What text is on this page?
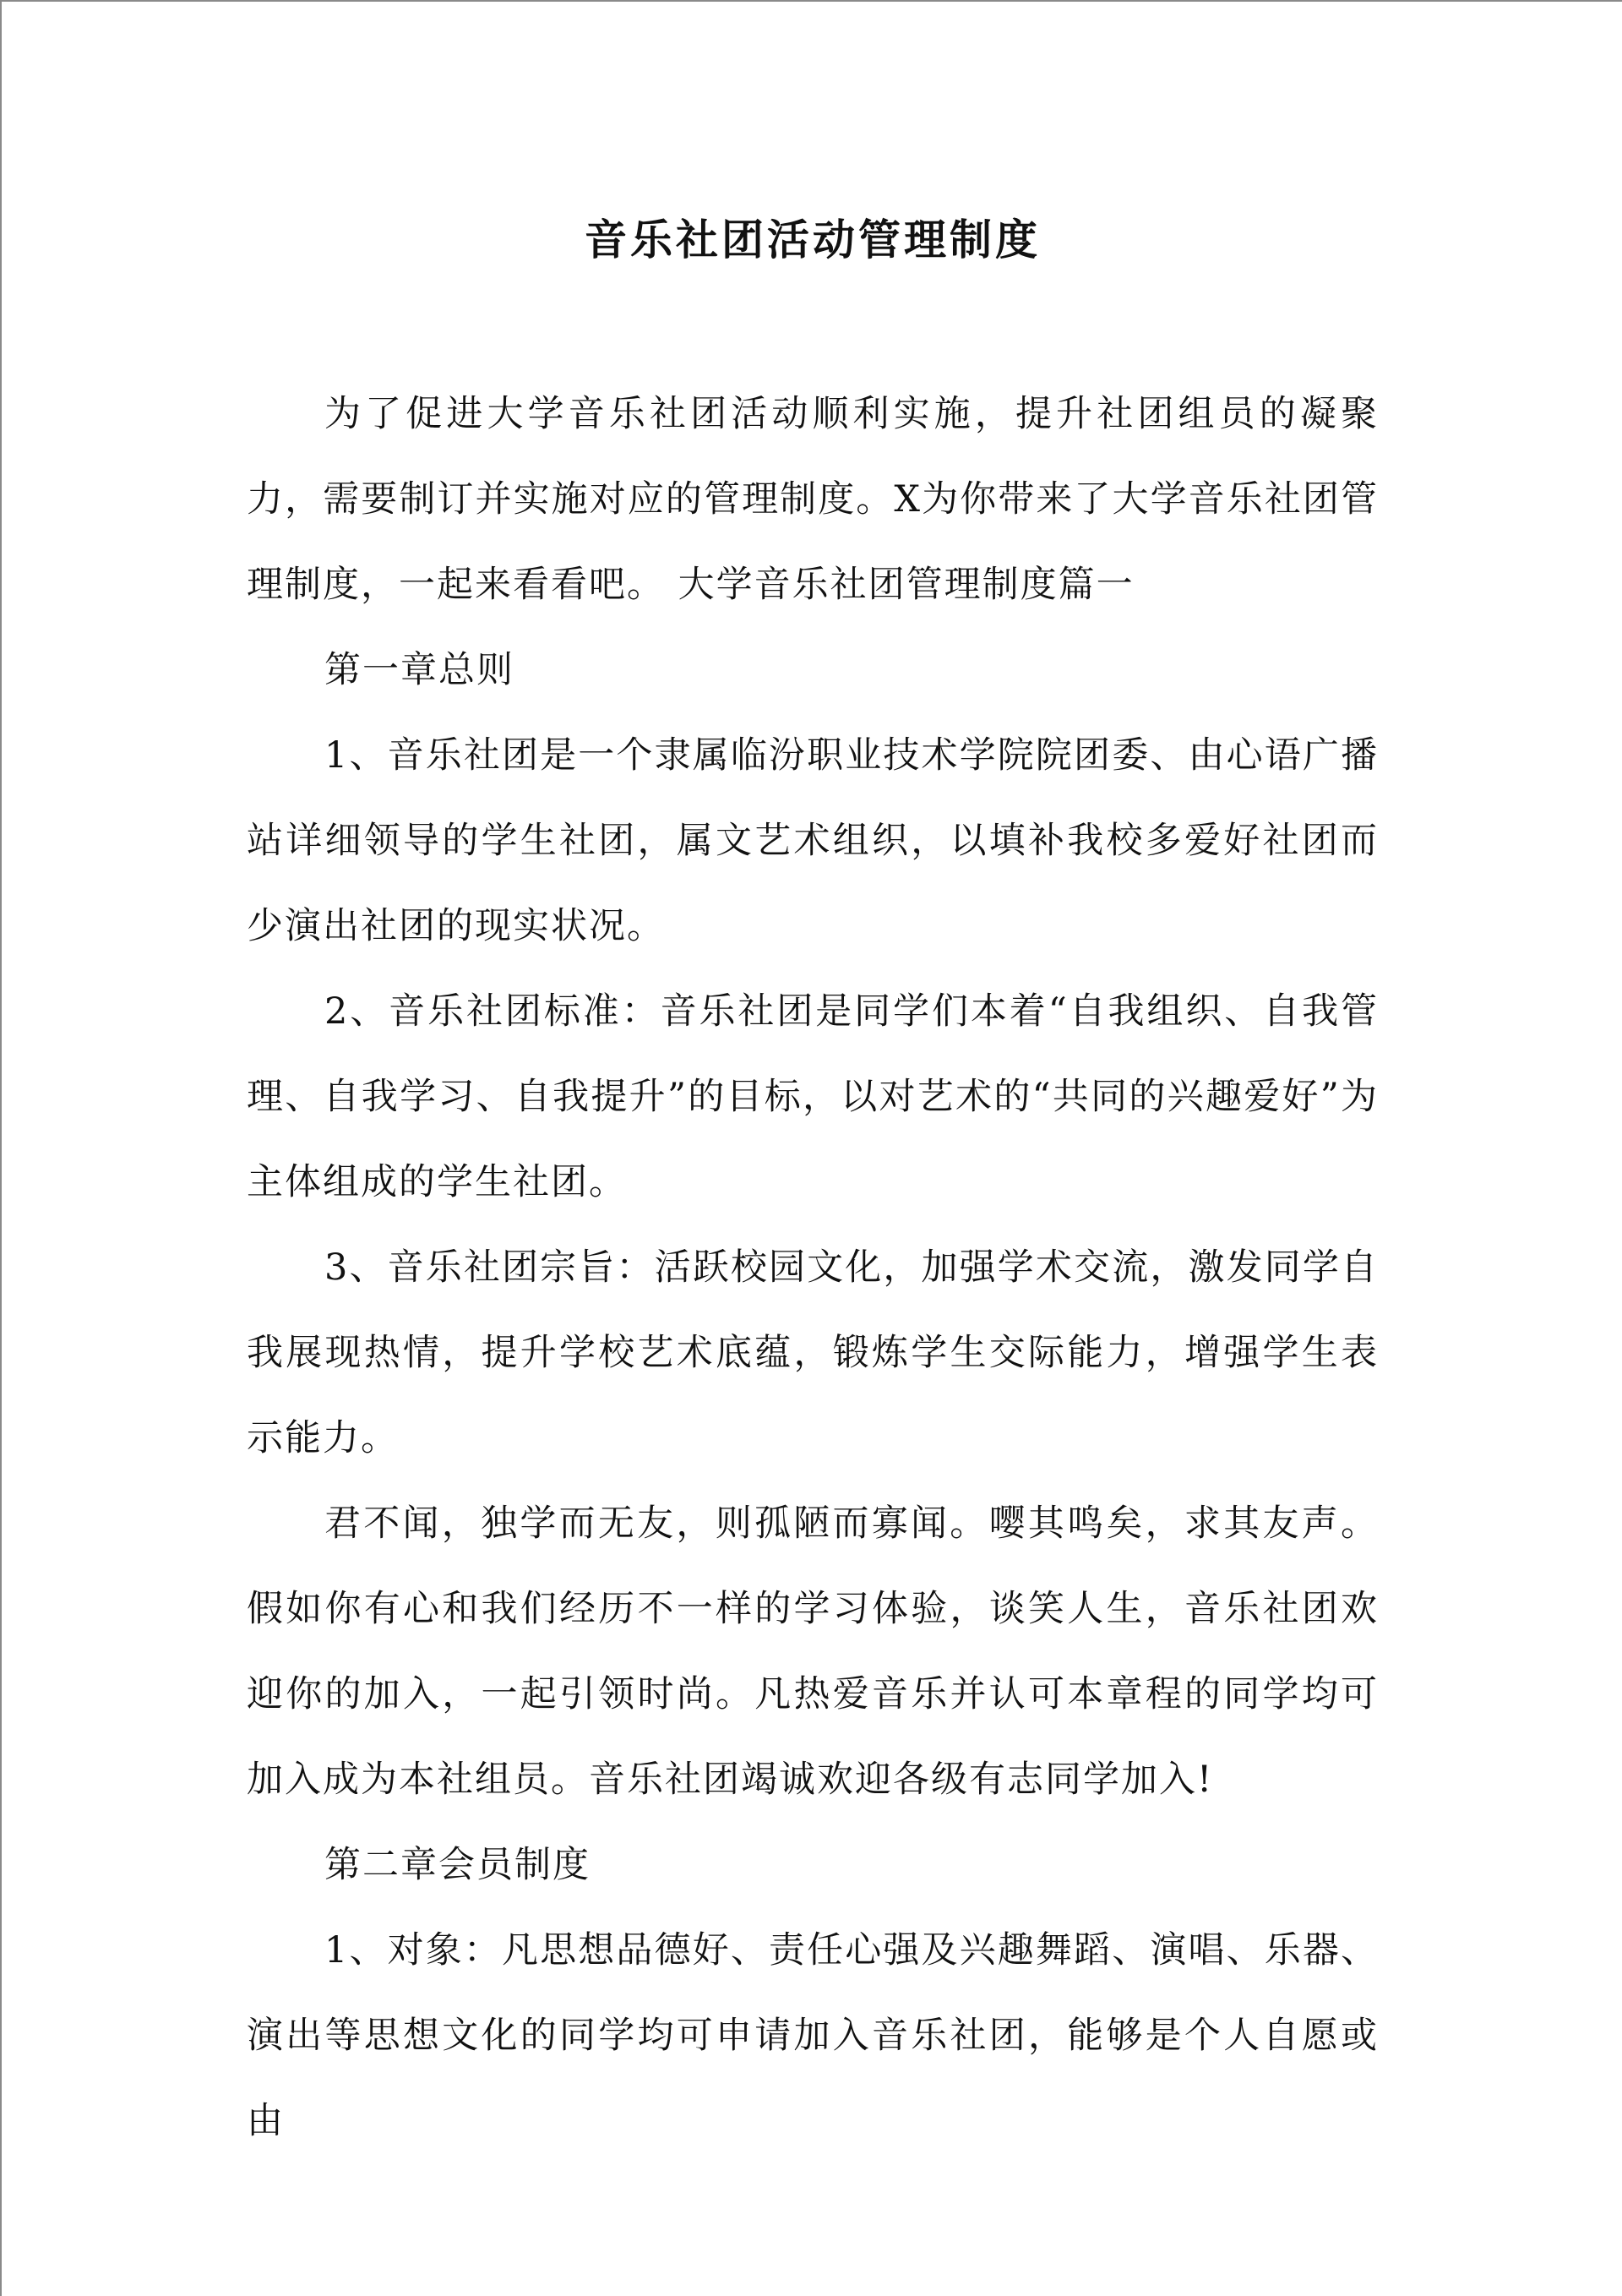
音乐社团活动管理制度

为了促进大学音乐社团活动顺利实施，提升社团组员的凝聚力，需要制订并实施对应的管理制度。X为你带来了大学音乐社团管理制度，一起来看看吧。 大学音乐社团管理制度篇一

第一章总则

1、音乐社团是一个隶属临汾职业技术学院院团委、由心语广播站详细领导的学生社团，属文艺术组织，以填补我校多爱好社团而少演出社团的现实状况。

2、音乐社团标准：音乐社团是同学们本着“自我组织、自我管理、自我学习、自我提升”的目标，以对艺术的“共同的兴趣爱好”为主体组成的学生社团。

3、音乐社团宗旨：活跃校园文化，加强学术交流，激发同学自我展现热情，提升学校艺术底蕴，锻炼学生交际能力，增强学生表示能力。

君不闻，独学而无友，则孤陋而寡闻。嘤其鸣矣，求其友声。假如你有心和我们经历不一样的学习体验，谈笑人生，音乐社团欢迎你的加入，一起引领时尚。凡热爱音乐并认可本章程的同学均可加入成为本社组员。音乐社团竭诚欢迎各级有志同学加入!

第二章会员制度

1、对象：凡思想品德好、责任心强及兴趣舞蹈、演唱、乐器、演出等思想文化的同学均可申请加入音乐社团，能够是个人自愿或由
